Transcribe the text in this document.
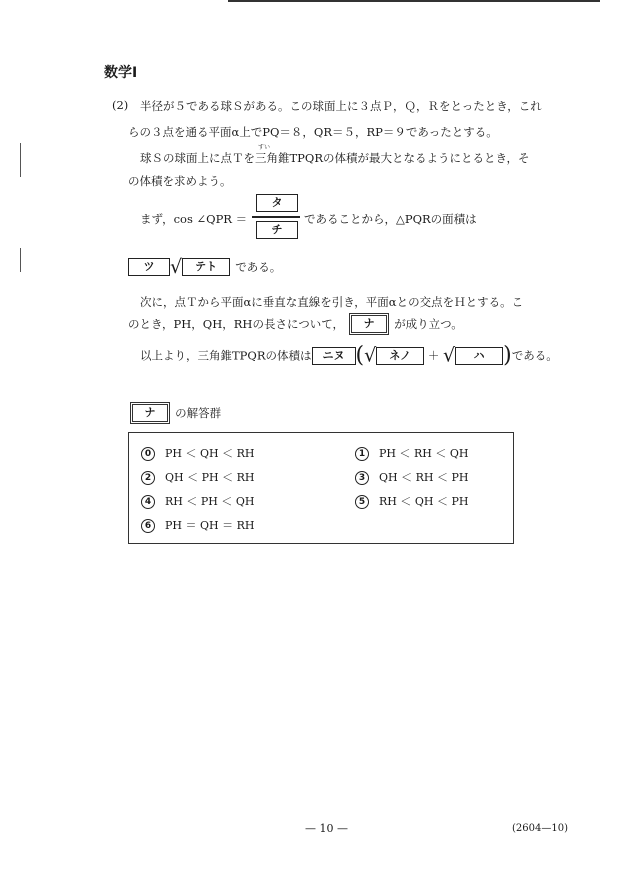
数学Ⅰ
(2) 半径が５である球Ｓがある。この球面上に３点Ｐ，Ｑ，Ｒをとったとき，これ
らの３点を通る平面α上でPQ＝８，QR＝５，RP＝９であったとする。
すい
球Ｓの球面上に点Ｔを三角錐TPQRの体積が最大となるようにとるとき，そ
の体積を求めよう。
まず，cos ∠QPR ＝
タ
チ
であることから，△PQRの面積は
ツ √ テト である。
次に，点Ｔから平面αに垂直な直線を引き，平面αとの交点をＨとする。こ
のとき，PH，QH，RHの長さについて， ナ が成り立つ。
以上より，三角錐TPQRの体積は ニヌ (√ ネノ ＋ √ ハ )である。
ナ の解答群
0 PH ＜ QH ＜ RH	1 PH ＜ RH ＜ QH
2 QH ＜ PH ＜ RH	3 QH ＜ RH ＜ PH
4 RH ＜ PH ＜ QH	5 RH ＜ QH ＜ PH
6 PH ＝ QH ＝ RH
— 10 —	(2604—10)
